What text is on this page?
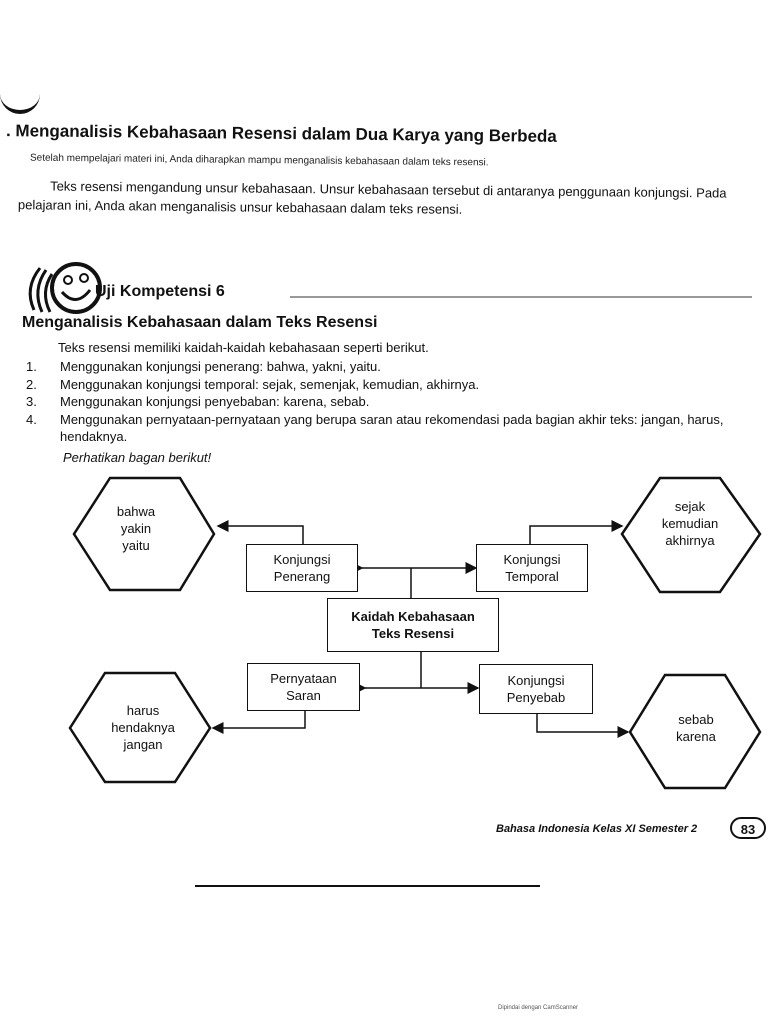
. Menganalisis Kebahasaan Resensi dalam Dua Karya yang Berbeda
Setelah mempelajari materi ini, Anda diharapkan mampu menganalisis kebahasaan dalam teks resensi.

Teks resensi mengandung unsur kebahasaan. Unsur kebahasaan tersebut di antaranya penggunaan konjungsi. Pada pelajaran ini, Anda akan menganalisis unsur kebahasaan dalam teks resensi.

Uji Kompetensi 6
Menganalisis Kebahasaan dalam Teks Resensi
Teks resensi memiliki kaidah-kaidah kebahasaan seperti berikut.
1.	Menggunakan konjungsi penerang: bahwa, yakni, yaitu.
2.	Menggunakan konjungsi temporal: sejak, semenjak, kemudian, akhirnya.
3.	Menggunakan konjungsi penyebaban: karena, sebab.
4.	Menggunakan pernyataan-pernyataan yang berupa saran atau rekomendasi pada bagian akhir teks: jangan, harus, hendaknya.
Perhatikan bagan berikut!
bahwa
yakin
yaitu
sejak
kemudian
akhirnya
harus
hendaknya
jangan
sebab
karena
Konjungsi
Penerang
Konjungsi
Temporal
Kaidah Kebahasaan
Teks Resensi
Pernyataan
Saran
Konjungsi
Penyebab
Bahasa Indonesia Kelas XI Semester 2	83
Dipindai dengan CamScanner
